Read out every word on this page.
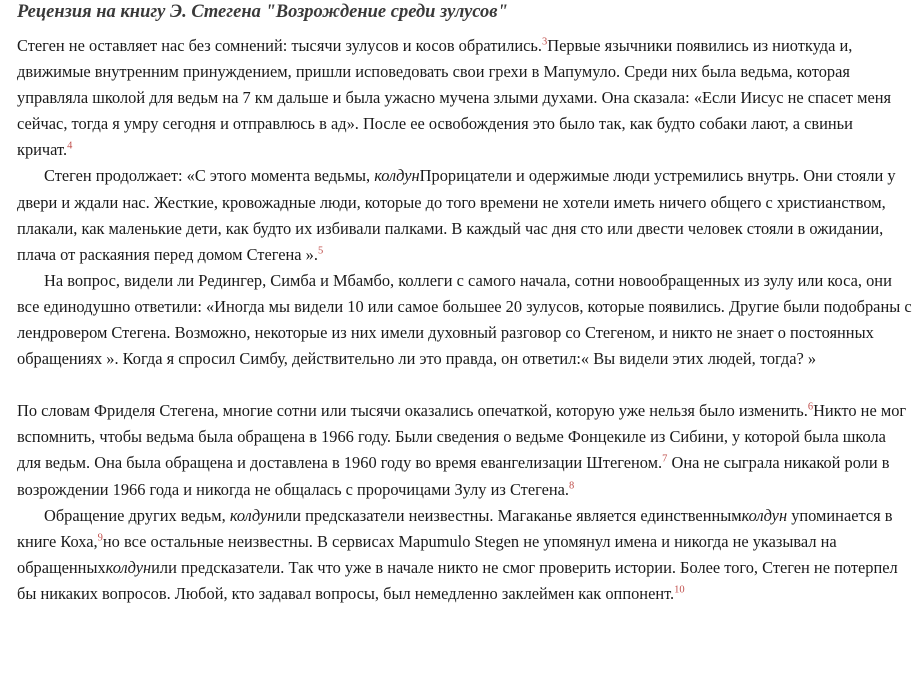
Рецензия на книгу Э. Стегена "Возрождение среди зулусов"

Стеген не оставляет нас без сомнений: тысячи зулусов и косов обратились.$^3$Первые язычники появились из ниоткуда и, движимые внутренним принуждением, пришли исповедовать свои грехи в Мапумуло. Среди них была ведьма, которая управляла школой для ведьм на 7 км дальше и была ужасно мучена злыми духами. Она сказала: «Если Иисус не спасет меня сейчас, тогда я умру сегодня и отправлюсь в ад». После ее освобождения это было так, как будто собаки лают, а свиньи кричат.$^4$

Стеген продолжает: «С этого момента ведьмы, колдунПрорицатели и одержимые люди устремились внутрь. Они стояли у двери и ждали нас. Жесткие, кровожадные люди, которые до того времени не хотели иметь ничего общего с христианством, плакали, как маленькие дети, как будто их избивали палками. В каждый час дня сто или двести человек стояли в ожидании, плача от раскаяния перед домом Стегена ».$^5$

На вопрос, видели ли Редингер, Симба и Мбамбо, коллеги с самого начала, сотни новообращенных из зулу или коса, они все единодушно ответили: «Иногда мы видели 10 или самое большее 20 зулусов, которые появились. Другие были подобраны с лендровером Стегена. Возможно, некоторые из них имели духовный разговор со Стегеном, и никто не знает о постоянных обращениях ». Когда я спросил Симбу, действительно ли это правда, он ответил:« Вы видели этих людей, тогда? »

По словам Фриделя Стегена, многие сотни или тысячи оказались опечаткой, которую уже нельзя было изменить.$^6$Никто не мог вспомнить, чтобы ведьма была обращена в 1966 году. Были сведения о ведьме Фонцекиле из Сибини, у которой была школа для ведьм. Она была обращена и доставлена в 1960 году во время евангелизации Штегеном.$^7$ Она не сыграла никакой роли в возрождении 1966 года и никогда не общалась с пророчицами Зулу из Стегена.$^8$

Обращение других ведьм, колдунили предсказатели неизвестны. Магаканье является единственнымколдун упоминается в книге Коха,$^9$но все остальные неизвестны. В сервисах Mapumulo Stegen не упомянул имена и никогда не указывал на обращенныхколдунили предсказатели. Так что уже в начале никто не смог проверить истории. Более того, Стеген не потерпел бы никаких вопросов. Любой, кто задавал вопросы, был немедленно заклеймен как оппонент.$^{10}$
